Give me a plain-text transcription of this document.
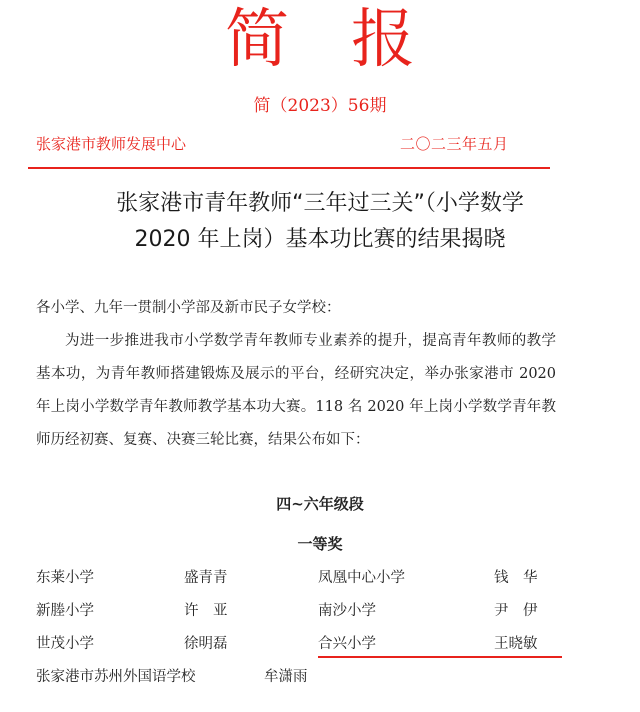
简报
简（2023）56期
张家港市教师发展中心	二〇二三年五月
张家港市青年教师“三年过三关”（小学数学
2020 年上岗）基本功比赛的结果揭晓
各小学、九年一贯制小学部及新市民子女学校：
为进一步推进我市小学数学青年教师专业素养的提升，提高青年教师的教学基本功，为青年教师搭建锻炼及展示的平台，经研究决定，举办张家港市 2020 年上岗小学数学青年教师教学基本功大赛。118 名 2020 年上岗小学数学青年教师历经初赛、复赛、决赛三轮比赛，结果公布如下：
四~六年级段
一等奖
东莱小学	盛青青	凤凰中心小学	钱　华
新塍小学	许　亚	南沙小学	尹　伊
世茂小学	徐明磊	合兴小学	王晓敏
张家港市苏州外国语学校	牟潇雨
